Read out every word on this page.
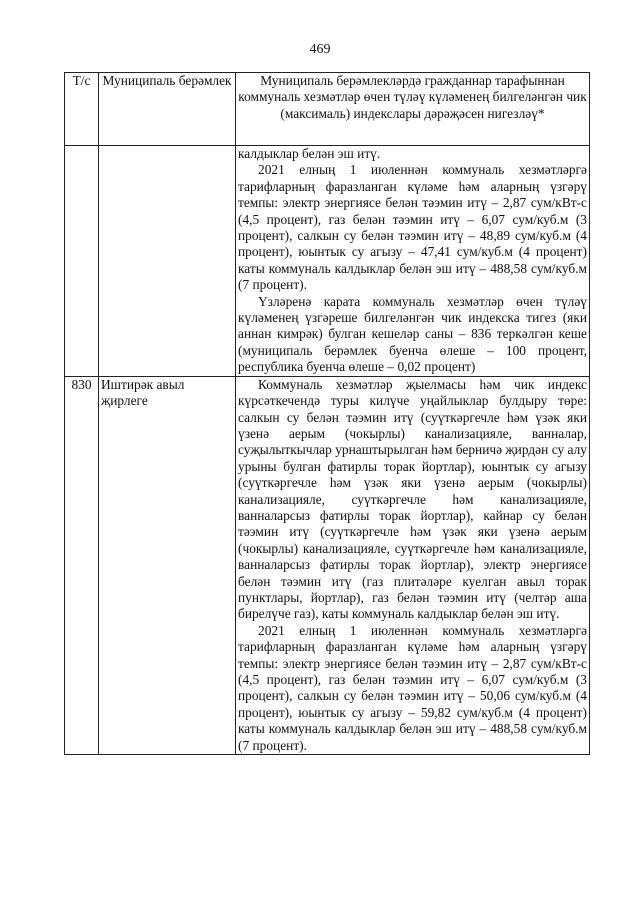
469
Т/с	Муниципаль берәмлек	Муниципаль берәмлекләрдә гражданнар тарафыннан коммуналь хезмәтләр өчен түләү күләменең билгеләнгән чик (максималь) индекслары дәрәҗәсен нигезләү*

		калдыклар белән эш итү.

2021 елның 1 июленнән коммуналь хезмәтләргә тарифларның фаразланган күләме һәм аларның үзгәрү темпы: электр энергиясе белән тәэмин итү – 2,87 сум/кВт-с (4,5 процент), газ белән тәэмин итү – 6,07 сум/куб.м (3 процент), салкын су белән тәэмин итү – 48,89 сум/куб.м (4 процент), юынтык су агызу – 47,41 сум/куб.м (4 процент) каты коммуналь калдыклар белән эш итү – 488,58 сум/куб.м (7 процент).

Үзләренә карата коммуналь хезмәтләр өчен түләү күләменең үзгәреше билгеләнгән чик индекска тигез (яки аннан кимрәк) булган кешеләр саны – 836 теркәлгән кеше (муниципаль берәмлек буенча өлеше – 100 процент, республика буенча өлеше – 0,02 процент)

830	Иштирәк авыл җирлеге	Коммуналь хезмәтләр җыелмасы һәм чик индекс күрсәткечендә туры килүче уңайлыклар булдыру төре: салкын су белән тәэмин итү (суүткәргечле һәм үзәк яки үзенә аерым (чокырлы) канализацияле, ванналар, суҗылыткычлар урнаштырылган һәм берничә җирдән су алу урыны булган фатирлы торак йортлар), юынтык су агызу (суүткәргечле һәм үзәк яки үзенә аерым (чокырлы) канализацияле, суүткәргечле һәм канализацияле, ванналарсыз фатирлы торак йортлар), кайнар су белән тәэмин итү (суүткәргечле һәм үзәк яки үзенә аерым (чокырлы) канализацияле, суүткәргечле һәм канализацияле, ванналарсыз фатирлы торак йортлар), электр энергиясе белән тәэмин итү (газ плитәләре куелган авыл торак пунктлары, йортлар), газ белән тәэмин итү (челтәр аша бирелүче газ), каты коммуналь калдыклар белән эш итү.

2021 елның 1 июленнән коммуналь хезмәтләргә тарифларның фаразланган күләме һәм аларның үзгәрү темпы: электр энергиясе белән тәэмин итү – 2,87 сум/кВт-с (4,5 процент), газ белән тәэмин итү – 6,07 сум/куб.м (3 процент), салкын су белән тәэмин итү – 50,06 сум/куб.м (4 процент), юынтык су агызу – 59,82 сум/куб.м (4 процент) каты коммуналь калдыклар белән эш итү – 488,58 сум/куб.м (7 процент).
